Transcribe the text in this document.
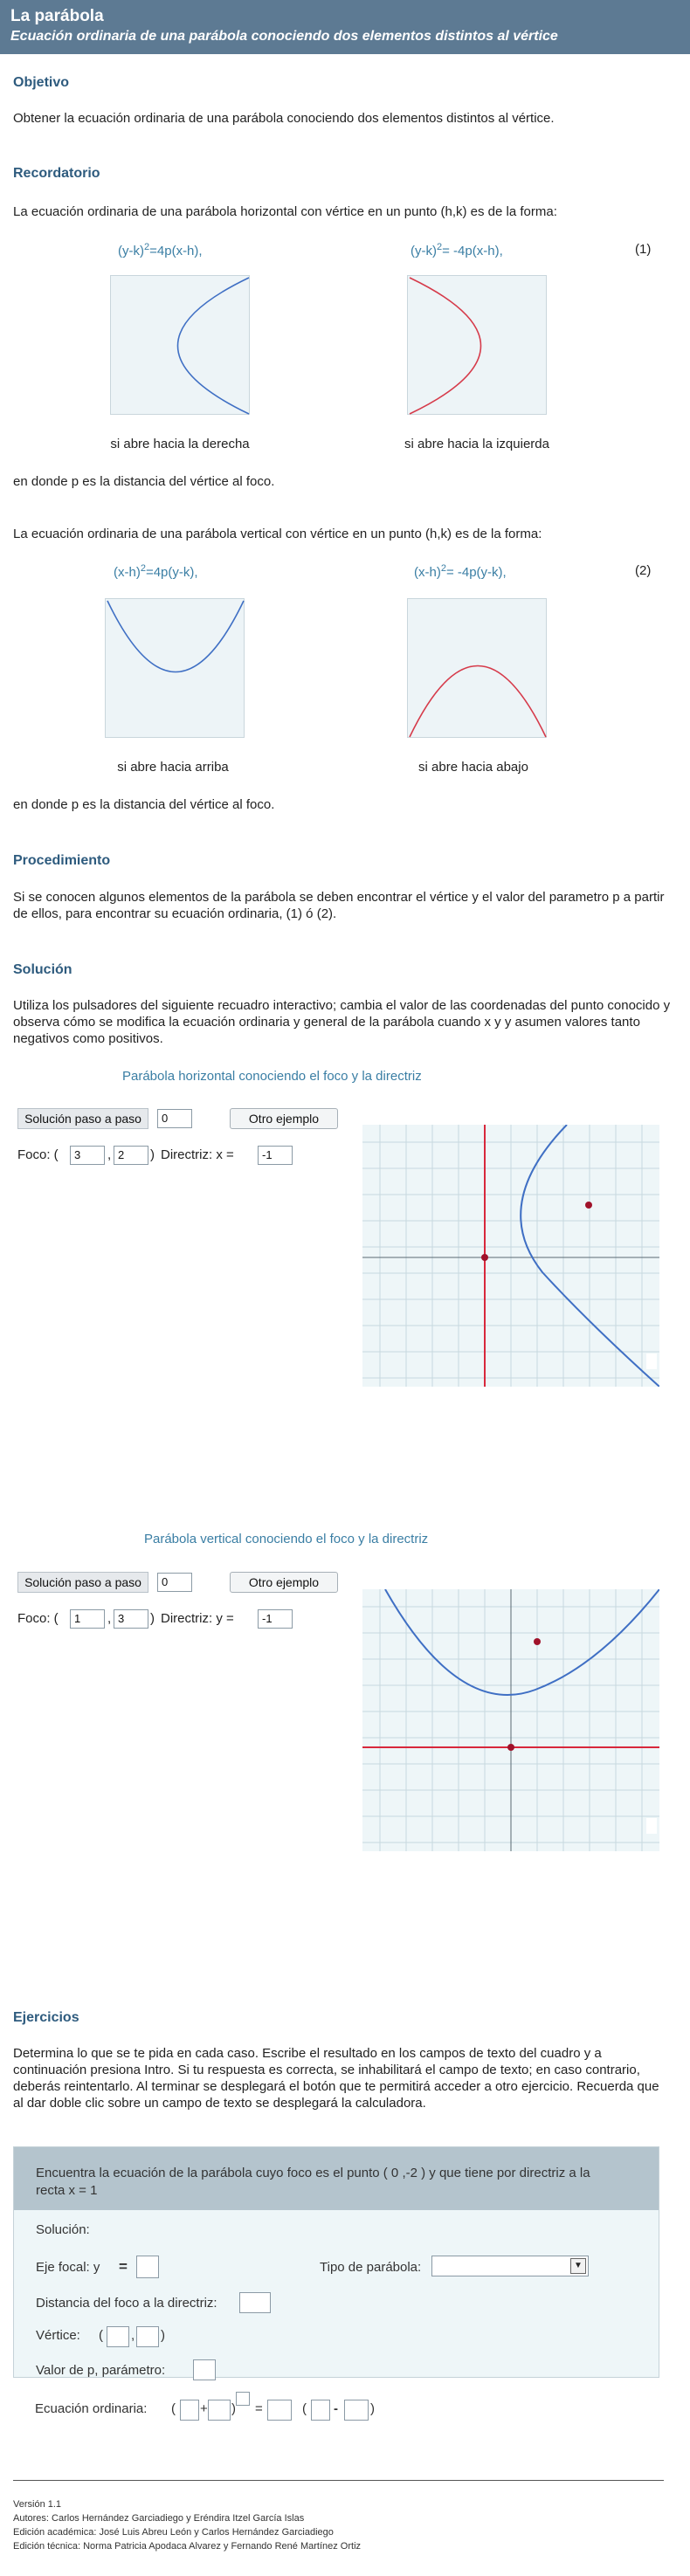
La parábola
Ecuación ordinaria de una parábola conociendo dos elementos distintos al vértice
Objetivo
Obtener la ecuación ordinaria de una parábola conociendo dos elementos distintos al vértice.
Recordatorio
La ecuación ordinaria de una parábola horizontal con vértice en un punto (h,k) es de la forma:
$(y-k)^2=4p(x-h)$,	$(y-k)^2= -4p(x-h)$,	(1)
si abre hacia la derecha	si abre hacia la izquierda
en donde p es la distancia del vértice al foco.
La ecuación ordinaria de una parábola vertical con vértice en un punto (h,k) es de la forma:
$(x-h)^2=4p(y-k)$,	$(x-h)^2= -4p(y-k)$,	(2)
si abre hacia arriba	si abre hacia abajo
en donde p es la distancia del vértice al foco.
Procedimiento
Si se conocen algunos elementos de la parábola se deben encontrar el vértice y el valor del parametro p a partir de ellos, para encontrar su ecuación ordinaria, (1) ó (2).
Solución
Utiliza los pulsadores del siguiente recuadro interactivo; cambia el valor de las coordenadas del punto conocido y observa cómo se modifica la ecuación ordinaria y general de la parábola cuando x y y asumen valores tanto negativos como positivos.
Parábola horizontal conociendo el foco y la directriz
Solución paso a paso	0	Otro ejemplo
Foco: (	3	, 2	) Directriz: x =	-1
Parábola vertical conociendo el foco y la directriz
Solución paso a paso	0	Otro ejemplo
Foco: (	1	, 3	) Directriz: y =	-1
Ejercicios
Determina lo que se te pida en cada caso. Escribe el resultado en los campos de texto del cuadro y a continuación presiona Intro. Si tu respuesta es correcta, se inhabilitará el campo de texto; en caso contrario, deberás reintentarlo. Al terminar se desplegará el botón que te permitirá acceder a otro ejercicio. Recuerda que al dar doble clic sobre un campo de texto se desplegará la calculadora.
Encuentra la ecuación de la parábola cuyo foco es el punto ( 0 ,-2 ) y que tiene por directriz a la recta x = 1
Solución:
Eje focal: y =	Tipo de parábola:	▼
Distancia del foco a la directriz:
Vértice: ( , )
Valor de p, parámetro:
Ecuación ordinaria: ( + ) =	( - )
Versión 1.1
Autores: Carlos Hernández Garciadiego y Eréndira Itzel García Islas
Edición académica: José Luis Abreu León y Carlos Hernández Garciadiego
Edición técnica: Norma Patricia Apodaca Alvarez y Fernando René Martínez Ortiz
